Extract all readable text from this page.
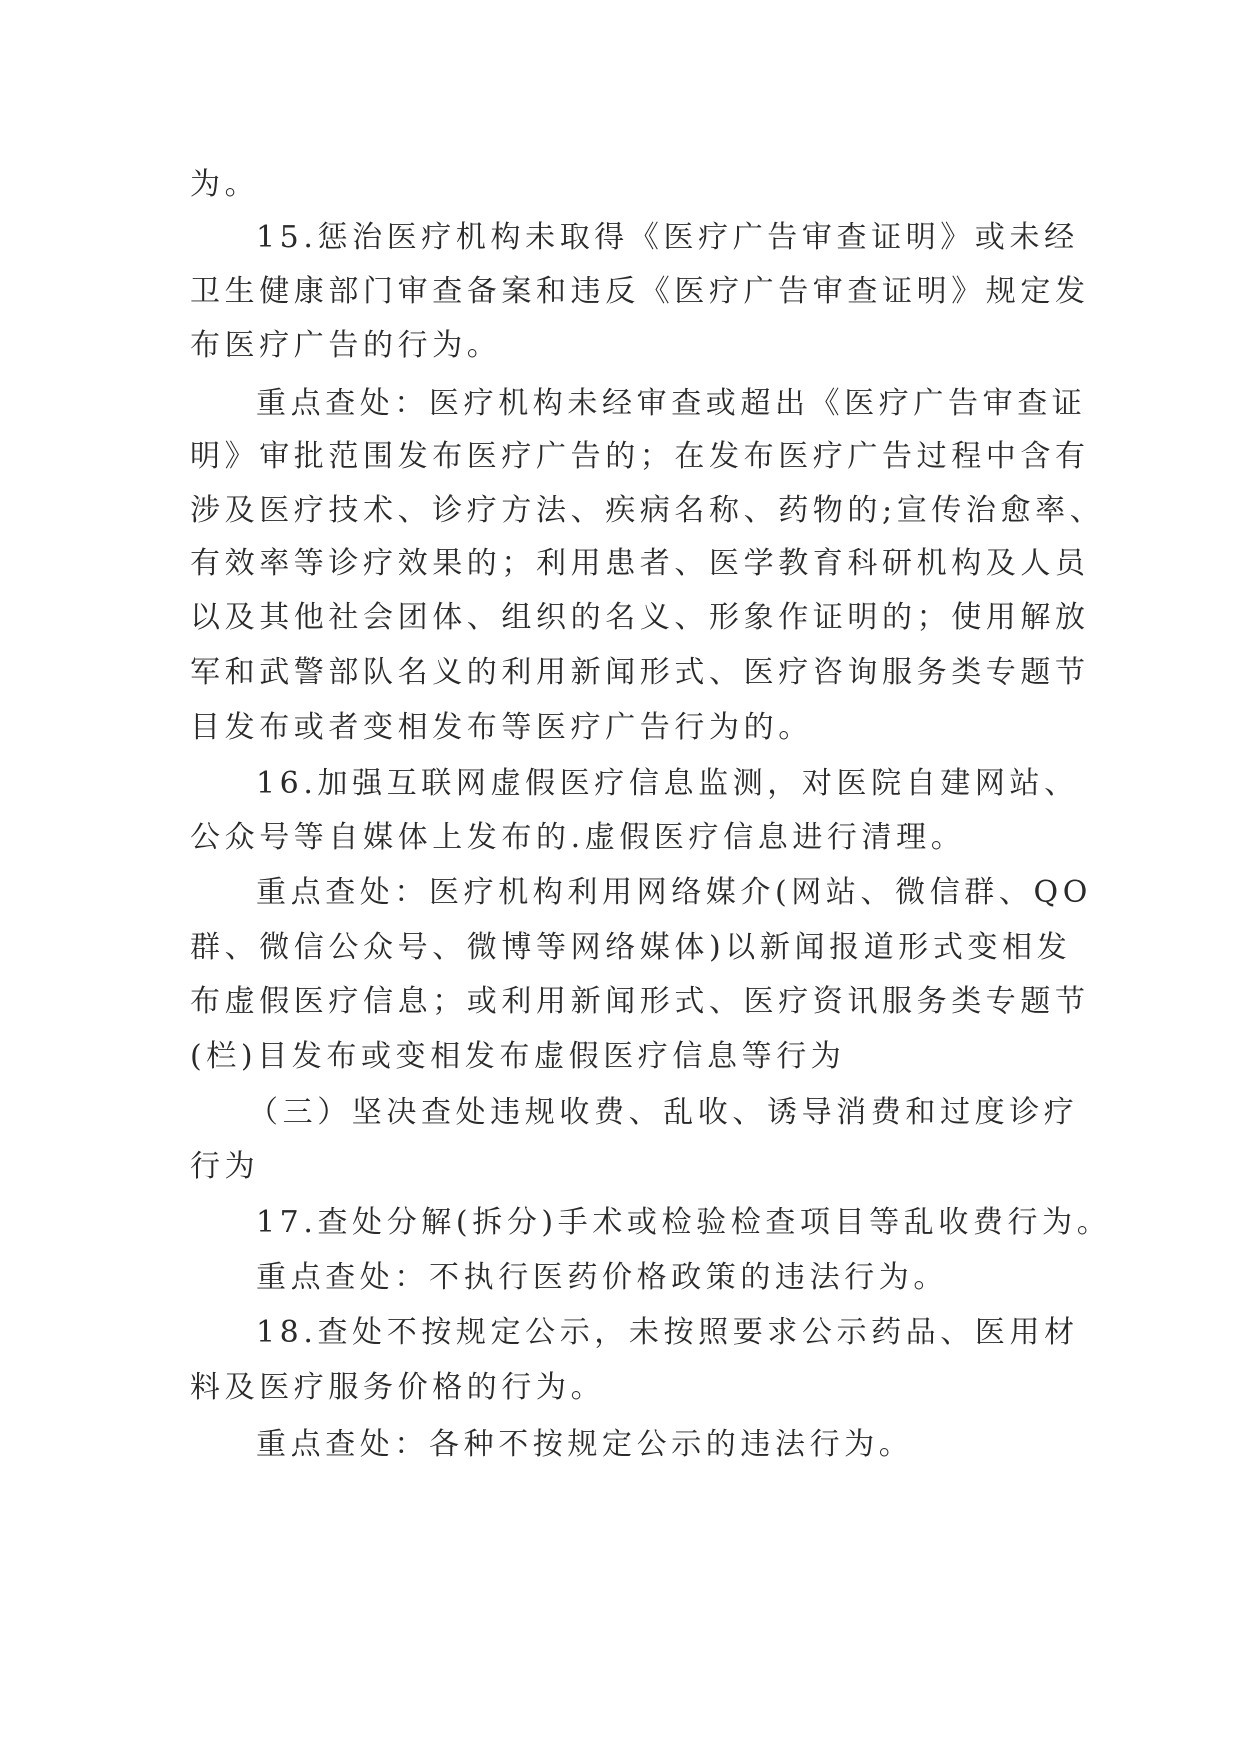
为。
15.惩治医疗机构未取得《医疗广告审查证明》或未经
卫生健康部门审查备案和违反《医疗广告审查证明》规定发
布医疗广告的行为。
重点查处：医疗机构未经审查或超出《医疗广告审查证
明》审批范围发布医疗广告的；在发布医疗广告过程中含有
涉及医疗技术、诊疗方法、疾病名称、药物的;宣传治愈率、
有效率等诊疗效果的；利用患者、医学教育科研机构及人员
以及其他社会团体、组织的名义、形象作证明的；使用解放
军和武警部队名义的利用新闻形式、医疗咨询服务类专题节
目发布或者变相发布等医疗广告行为的。
16.加强互联网虚假医疗信息监测，对医院自建网站、
公众号等自媒体上发布的.虚假医疗信息进行清理。
重点查处：医疗机构利用网络媒介(网站、微信群、QO
群、微信公众号、微博等网络媒体)以新闻报道形式变相发
布虚假医疗信息；或利用新闻形式、医疗资讯服务类专题节
(栏)目发布或变相发布虚假医疗信息等行为
（三）坚决查处违规收费、乱收、诱导消费和过度诊疗
行为
17.查处分解(拆分)手术或检验检查项目等乱收费行为。
重点查处：不执行医药价格政策的违法行为。
18.查处不按规定公示，未按照要求公示药品、医用材
料及医疗服务价格的行为。
重点查处：各种不按规定公示的违法行为。
